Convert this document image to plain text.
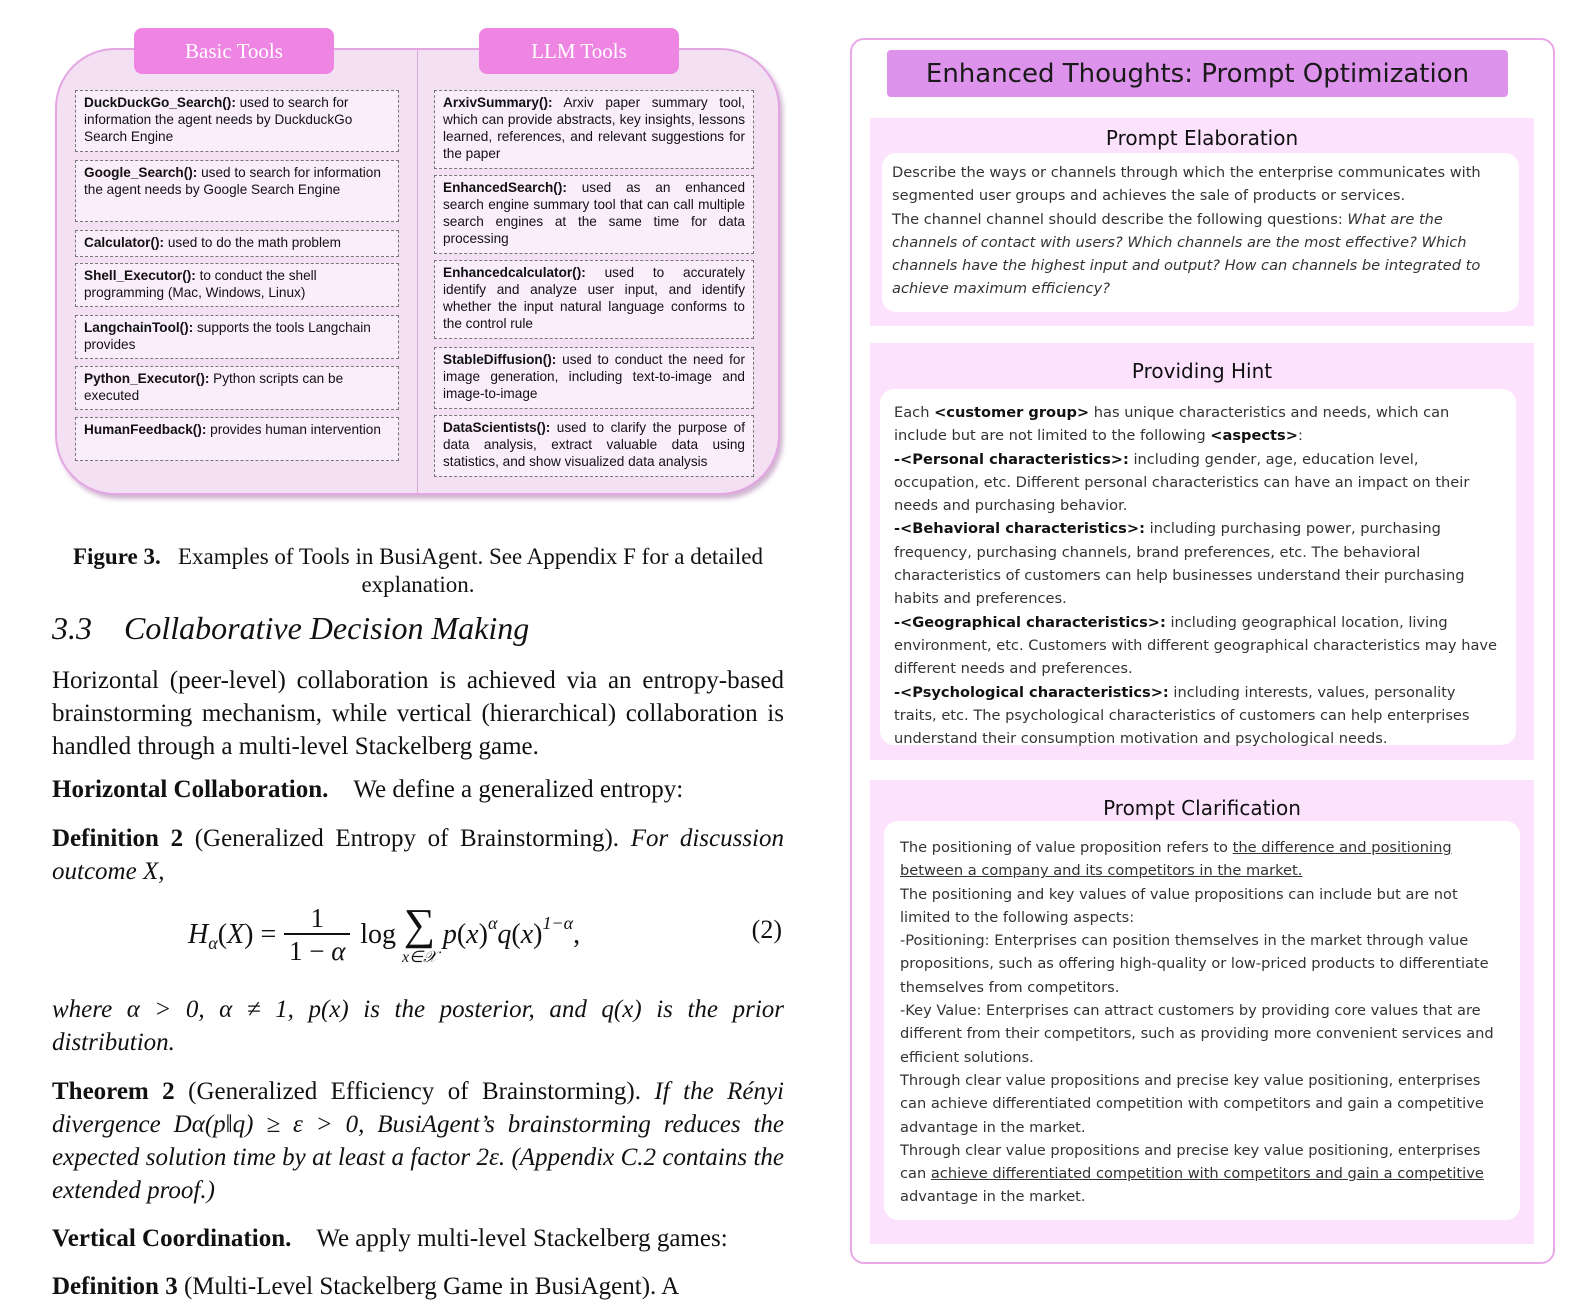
Basic Tools	LLM Tools
DuckDuckGo_Search(): used to search for information the agent needs by DuckduckGo Search Engine
Google_Search(): used to search for information the agent needs by Google Search Engine
Calculator(): used to do the math problem
Shell_Executor(): to conduct the shell programming (Mac, Windows, Linux)
LangchainTool(): supports the tools Langchain provides
Python_Executor(): Python scripts can be executed
HumanFeedback(): provides human intervention
ArxivSummary(): Arxiv paper summary tool, which can provide abstracts, key insights, lessons learned, references, and relevant suggestions for the paper
EnhancedSearch(): used as an enhanced search engine summary tool that can call multiple search engines at the same time for data processing
Enhancedcalculator(): used to accurately identify and analyze user input, and identify whether the input natural language conforms to the control rule
StableDiffusion(): used to conduct the need for image generation, including text-to-image and image-to-image
DataScientists(): used to clarify the purpose of data analysis, extract valuable data using statistics, and show visualized data analysis
Figure 3. Examples of Tools in BusiAgent. See Appendix F for a detailed explanation.
3.3 Collaborative Decision Making
Horizontal (peer-level) collaboration is achieved via an entropy-based brainstorming mechanism, while vertical (hierarchical) collaboration is handled through a multi-level Stackelberg game.
Horizontal Collaboration. We define a generalized entropy:
Definition 2 (Generalized Entropy of Brainstorming). For discussion outcome X,
H α ( X ) = $\frac{1}{1 - \alpha}$ log ∑
x∈𝒳
p ( x ) α q ( x ) 1−α ,	(2)
where α > 0, α ≠ 1, p(x) is the posterior, and q(x) is the prior distribution.
Theorem 2 (Generalized Efficiency of Brainstorming). If the Rényi divergence Dα(p‖q) ≥ ε > 0, BusiAgent’s brainstorming reduces the expected solution time by at least a factor 2ε. (Appendix C.2 contains the extended proof.)
Vertical Coordination. We apply multi-level Stackelberg games:
Definition 3 (Multi-Level Stackelberg Game in BusiAgent). A
Enhanced Thoughts: Prompt Optimization
Prompt Elaboration
Describe the ways or channels through which the enterprise communicates with segmented user groups and achieves the sale of products or services.
The channel channel should describe the following questions: What are the channels of contact with users? Which channels are the most effective? Which channels have the highest input and output? How can channels be integrated to achieve maximum efficiency?
Providing Hint
Each <customer group> has unique characteristics and needs, which can include but are not limited to the following <aspects>:
-<Personal characteristics>: including gender, age, education level, occupation, etc. Different personal characteristics can have an impact on their needs and purchasing behavior.
-<Behavioral characteristics>: including purchasing power, purchasing frequency, purchasing channels, brand preferences, etc. The behavioral characteristics of customers can help businesses understand their purchasing habits and preferences.
-<Geographical characteristics>: including geographical location, living environment, etc. Customers with different geographical characteristics may have different needs and preferences.
-<Psychological characteristics>: including interests, values, personality traits, etc. The psychological characteristics of customers can help enterprises understand their consumption motivation and psychological needs.
Prompt Clarification
The positioning of value proposition refers to the difference and positioning between a company and its competitors in the market.
The positioning and key values of value propositions can include but are not limited to the following aspects:
-Positioning: Enterprises can position themselves in the market through value propositions, such as offering high-quality or low-priced products to differentiate themselves from competitors.
-Key Value: Enterprises can attract customers by providing core values that are different from their competitors, such as providing more convenient services and efficient solutions.
Through clear value propositions and precise key value positioning, enterprises can achieve differentiated competition with competitors and gain a competitive advantage in the market.
Through clear value propositions and precise key value positioning, enterprises can achieve differentiated competition with competitors and gain a competitive advantage in the market.
